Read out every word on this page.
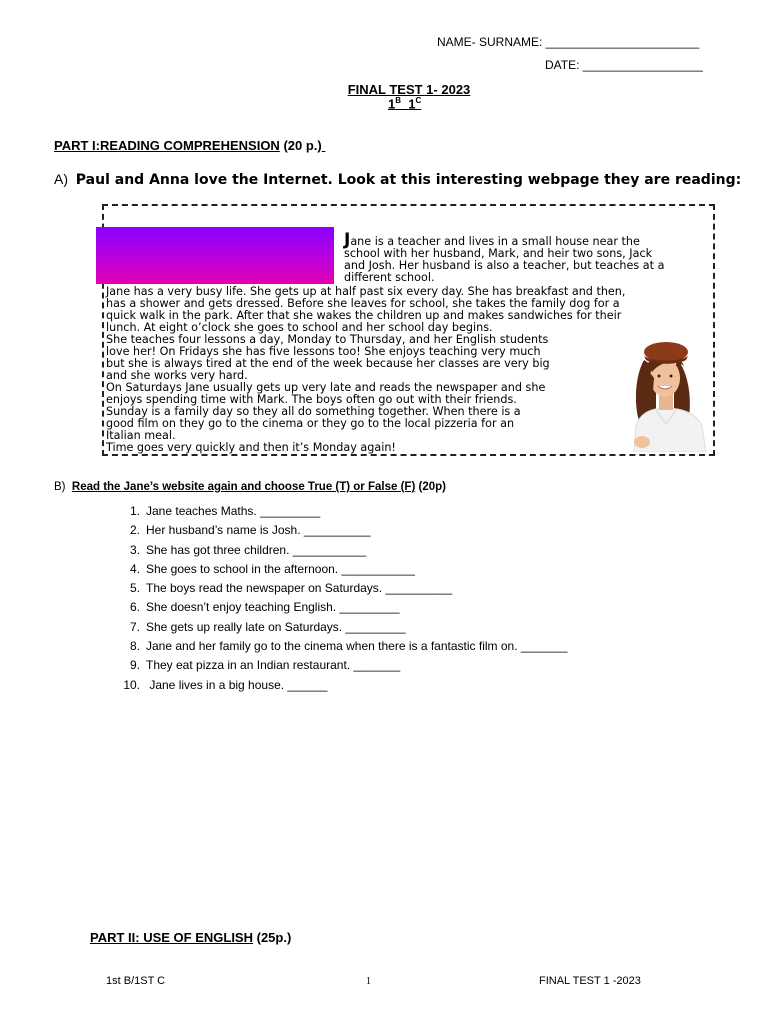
NAME- SURNAME: _______________________
DATE: __________________
FINAL TEST 1- 2023
$1^B$ $1^C$
PART I:READING COMPREHENSION (20 p.)
A) Paul and Anna love the Internet. Look at this interesting webpage they are reading:
Jane is a teacher and lives in a small house near the
school with her husband, Mark, and heir two sons, Jack
and Josh. Her husband is also a teacher, but teaches at a
different school.
Jane has a very busy life. She gets up at half past six every day. She has breakfast and then,
has a shower and gets dressed. Before she leaves for school, she takes the family dog for a
quick walk in the park. After that she wakes the children up and makes sandwiches for their
lunch. At eight o’clock she goes to school and her school day begins.
She teaches four lessons a day, Monday to Thursday, and her English students
love her! On Fridays she has five lessons too! She enjoys teaching very much
but she is always tired at the end of the week because her classes are very big
and she works very hard.
On Saturdays Jane usually gets up very late and reads the newspaper and she
enjoys spending time with Mark. The boys often go out with their friends.
Sunday is a family day so they all do something together. When there is a
good film on they go to the cinema or they go to the local pizzeria for an
Italian meal.
Time goes very quickly and then it’s Monday again!
B) Read the Jane’s website again and choose True (T) or False (F) (20p)
1. Jane teaches Maths. _________
2. Her husband’s name is Josh. __________
3. She has got three children. ___________
4. She goes to school in the afternoon. ___________
5. The boys read the newspaper on Saturdays. __________
6. She doesn’t enjoy teaching English. _________
7. She gets up really late on Saturdays. _________
8. Jane and her family go to the cinema when there is a fantastic film on. _______
9. They eat pizza in an Indian restaurant. _______
10. Jane lives in a big house. ______
PART II: USE OF ENGLISH (25p.)
1st B/1ST C	1	FINAL TEST 1 -2023
